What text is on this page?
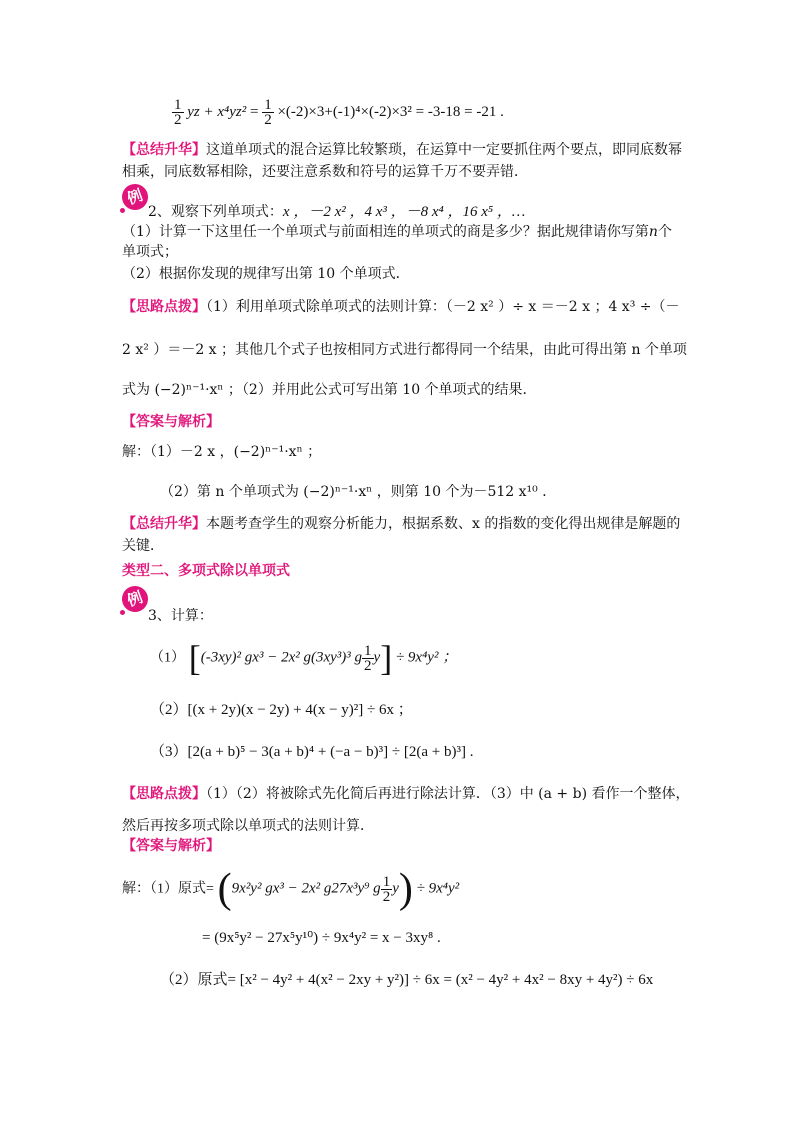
$\frac{1}{2}$ yz + $x^4yz^2 = \frac{1}{2} \times(-2)\times 3+(-1)^4\times(-2)\times 3^2 = -3-18 = -21$ .
【总结升华】这道单项式的混合运算比较繁琐，在运算中一定要抓住两个要点，即同底数幂
相乘，同底数幂相除，还要注意系数和符号的运算千万不要弄错．
例
2、观察下列单项式：x ，－2 x² ，4 x³ ，－8 x⁴ ，16 x⁵ ，…
（1）计算一下这里任一个单项式与前面相连的单项式的商是多少？据此规律请你写第n个
单项式；
（2）根据你发现的规律写出第 10 个单项式．
【思路点拨】（1）利用单项式除单项式的法则计算：（－2 x² ）÷ x ＝－2 x ；4 x³ ÷（－
2 x² ）＝－2 x ；其他几个式子也按相同方式进行都得同一个结果，由此可得出第 n 个单项
式为 (−2)ⁿ⁻¹·xⁿ ；（2）并用此公式可写出第 10 个单项式的结果．
【答案与解析】
解：（1）－2 x ，(−2)ⁿ⁻¹·xⁿ ；
（2）第 n 个单项式为 (−2)ⁿ⁻¹·xⁿ ，则第 10 个为－512 x¹⁰ ．
【总结升华】本题考查学生的观察分析能力，根据系数、x 的指数的变化得出规律是解题的
关键．
类型二、多项式除以单项式
例
3、计算：
（1） [(-3xy)² gx³ − 2x² g(3xy³)³ g $\frac{1}{2} y] \div 9x^4y^2$ ；
（2）[(x + 2y)(x − 2y) + 4(x − y)²] ÷ 6x ；
（3）[2(a + b)⁵ − 3(a + b)⁴ + (−a − b)³] ÷ [2(a + b)³] .
【思路点拨】（1）（2）将被除式先化简后再进行除法计算．（3）中 (a + b) 看作一个整体，
然后再按多项式除以单项式的法则计算．
【答案与解析】
解：（1）原式= (9x²y² gx³ − 2x² g27x³y⁹ g $\frac{1}{2} y) \div 9x^4y^2$
= (9x⁵y² − 27x⁵y¹⁰) ÷ 9x⁴y² = x − 3xy⁸ .
（2）原式= [x² − 4y² + 4(x² − 2xy + y²)] ÷ 6x = (x² − 4y² + 4x² − 8xy + 4y²) ÷ 6x
